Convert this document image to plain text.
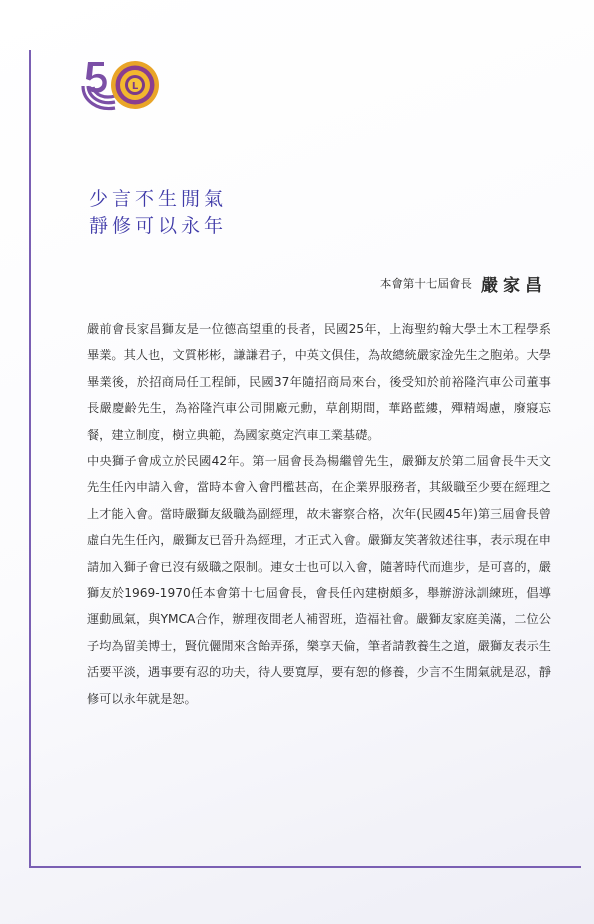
L
少言不生閒氣
靜修可以永年
本會第十七屆會長 嚴家昌

嚴前會長家昌獅友是一位德高望重的長者，民國25年，上海聖約翰大學土木工程學系畢業。其人也，文質彬彬，謙謙君子，中英文俱佳，為故總統嚴家淦先生之胞弟。大學畢業後，於招商局任工程師，民國37年隨招商局來台，後受知於前裕隆汽車公司董事長嚴慶齡先生，為裕隆汽車公司開廠元勳，草創期間，華路藍縷，殫精竭慮，廢寢忘餐，建立制度，樹立典範，為國家奠定汽車工業基礎。

中央獅子會成立於民國42年。第一屆會長為楊繼曾先生，嚴獅友於第二屆會長牛天文先生任內申請入會，當時本會入會門檻甚高，在企業界服務者，其級職至少要在經理之上才能入會。當時嚴獅友級職為副經理，故未審察合格，次年(民國45年)第三屆會長曾虛白先生任內，嚴獅友已晉升為經理，才正式入會。嚴獅友笑著敘述往事，表示現在申請加入獅子會已沒有級職之限制。連女士也可以入會，隨著時代而進步，是可喜的，嚴獅友於1969-1970任本會第十七屆會長，會長任內建樹頗多，舉辦游泳訓練班，倡導運動風氣，與YMCA合作，辦理夜間老人補習班，造福社會。嚴獅友家庭美滿，二位公子均為留美博士，賢伉儷閒來含飴弄孫，樂享天倫，筆者請教養生之道，嚴獅友表示生活要平淡，遇事要有忍的功夫，待人要寬厚，要有恕的修養，少言不生閒氣就是忍，靜修可以永年就是恕。
